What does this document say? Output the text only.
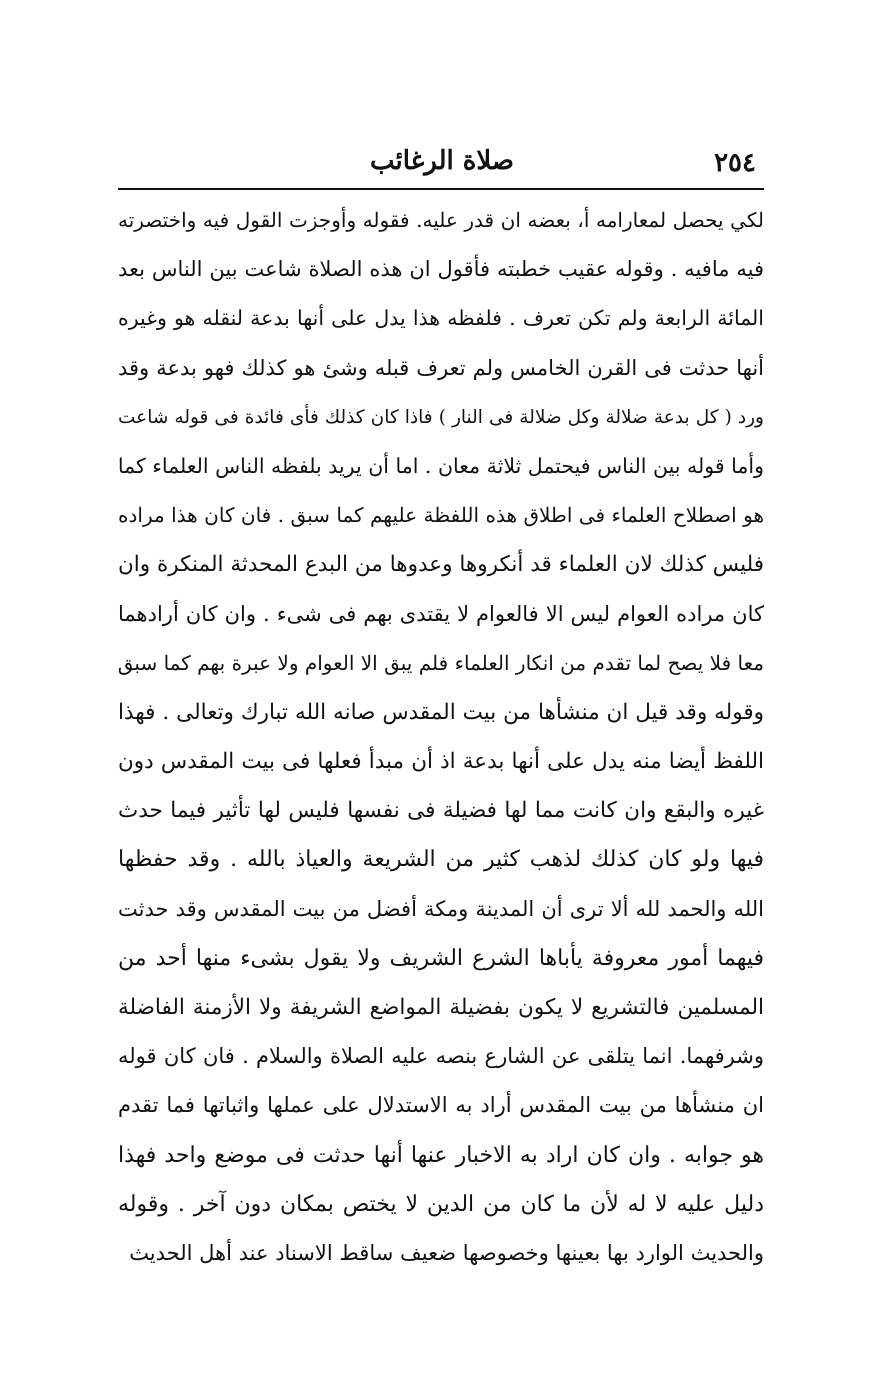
٢٥٤
صلاة الرغائب
لكي يحصل لمعارامه أ، بعضه ان قدر عليه. فقوله وأوجزت القول فيه واختصرته
فيه مافيه . وقوله عقيب خطبته فأقول ان هذه الصلاة شاعت بين الناس بعد
المائة الرابعة ولم تكن تعرف . فلفظه هذا يدل على أنها بدعة لنقله هو وغيره
أنها حدثت فى القرن الخامس ولم تعرف قبله وشئ هو كذلك فهو بدعة وقد
ورد ( كل بدعة ضلالة وكل ضلالة فى النار ) فاذا كان كذلك فأى فائدة فى قوله شاعت
وأما قوله بين الناس فيحتمل ثلاثة معان . اما أن يريد بلفظه الناس العلماء كما
هو اصطلاح العلماء فى اطلاق هذه اللفظة عليهم كما سبق . فان كان هذا مراده
فليس كذلك لان العلماء قد أنكروها وعدوها من البدع المحدثة المنكرة وان
كان مراده العوام ليس الا فالعوام لا يقتدى بهم فى شىء . وان كان أرادهما
معا فلا يصح لما تقدم من انكار العلماء فلم يبق الا العوام ولا عبرة بهم كما سبق
وقوله وقد قيل ان منشأها من بيت المقدس صانه الله تبارك وتعالى . فهذا
اللفظ أيضا منه يدل على أنها بدعة اذ أن مبدأ فعلها فى بيت المقدس دون
غيره والبقع وان كانت مما لها فضيلة فى نفسها فليس لها تأثير فيما حدث
فيها ولو كان كذلك لذهب كثير من الشريعة والعياذ بالله . وقد حفظها
الله والحمد لله ألا ترى أن المدينة ومكة أفضل من بيت المقدس وقد حدثت
فيهما أمور معروفة يأباها الشرع الشريف ولا يقول بشىء منها أحد من
المسلمين فالتشريع لا يكون بفضيلة المواضع الشريفة ولا الأزمنة الفاضلة
وشرفهما. انما يتلقى عن الشارع بنصه عليه الصلاة والسلام . فان كان قوله
ان منشأها من بيت المقدس أراد به الاستدلال على عملها واثباتها فما تقدم
هو جوابه . وان كان اراد به الاخبار عنها أنها حدثت فى موضع واحد فهذا
دليل عليه لا له لأن ما كان من الدين لا يختص بمكان دون آخر . وقوله
والحديث الوارد بها بعينها وخصوصها ضعيف ساقط الاسناد عند أهل الحديث
